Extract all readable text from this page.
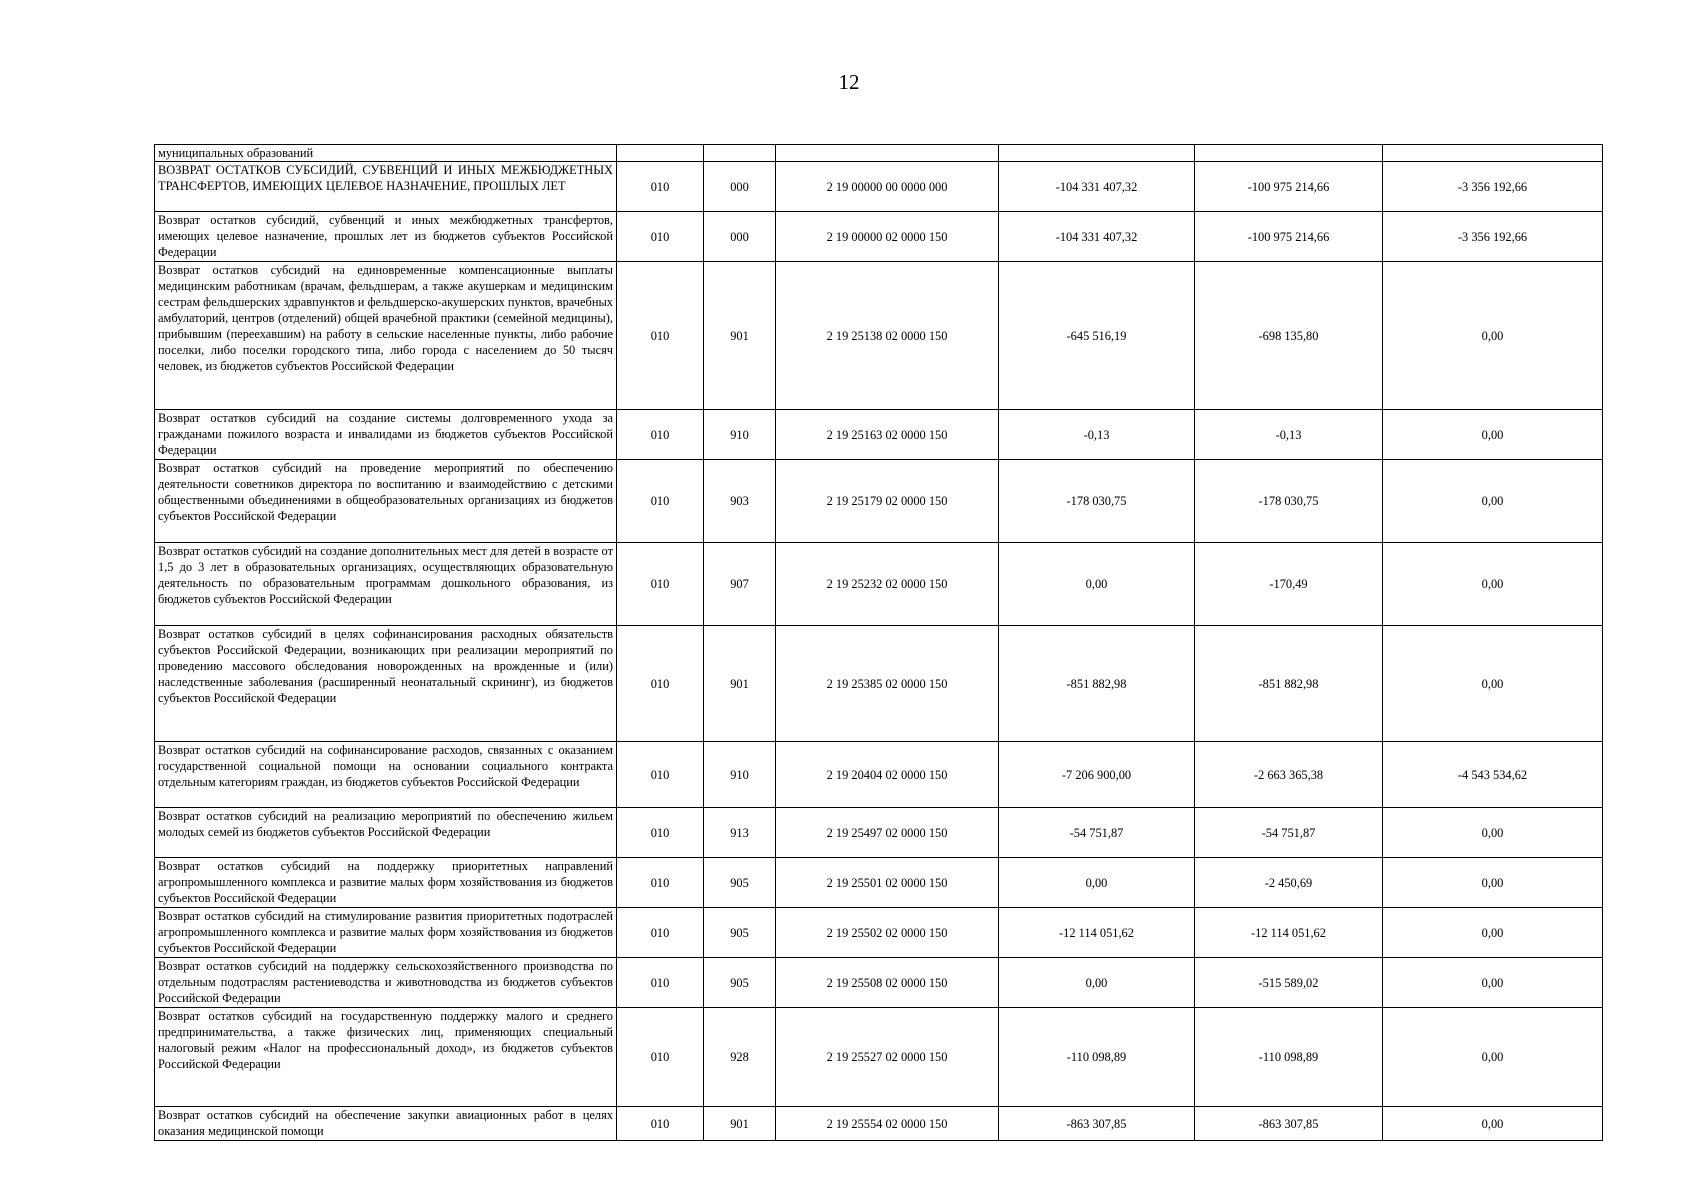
12
муниципальных образований						

ВОЗВРАТ ОСТАТКОВ СУБСИДИЙ, СУБВЕНЦИЙ И ИНЫХ МЕЖБЮДЖЕТНЫХ ТРАНСФЕРТОВ, ИМЕЮЩИХ ЦЕЛЕВОЕ НАЗНАЧЕНИЕ, ПРОШЛЫХ ЛЕТ	010	000	2 19 00000 00 0000 000	-104 331 407,32	-100 975 214,66	-3 356 192,66

Возврат остатков субсидий, субвенций и иных межбюджетных трансфертов, имеющих целевое назначение, прошлых лет из бюджетов субъектов Российской Федерации	010	000	2 19 00000 02 0000 150	-104 331 407,32	-100 975 214,66	-3 356 192,66

Возврат остатков субсидий на единовременные компенсационные выплаты медицинским работникам (врачам, фельдшерам, а также акушеркам и медицинским сестрам фельдшерских здравпунктов и фельдшерско-акушерских пунктов, врачебных амбулаторий, центров (отделений) общей врачебной практики (семейной медицины), прибывшим (переехавшим) на работу в сельские населенные пункты, либо рабочие поселки, либо поселки городского типа, либо города с населением до 50 тысяч человек, из бюджетов субъектов Российской Федерации	010	901	2 19 25138 02 0000 150	-645 516,19	-698 135,80	0,00

Возврат остатков субсидий на создание системы долговременного ухода за гражданами пожилого возраста и инвалидами из бюджетов субъектов Российской Федерации	010	910	2 19 25163 02 0000 150	-0,13	-0,13	0,00

Возврат остатков субсидий на проведение мероприятий по обеспечению деятельности советников директора по воспитанию и взаимодействию с детскими общественными объединениями в общеобразовательных организациях из бюджетов субъектов Российской Федерации	010	903	2 19 25179 02 0000 150	-178 030,75	-178 030,75	0,00

Возврат остатков субсидий на создание дополнительных мест для детей в возрасте от 1,5 до 3 лет в образовательных организациях, осуществляющих образовательную деятельность по образовательным программам дошкольного образования, из бюджетов субъектов Российской Федерации	010	907	2 19 25232 02 0000 150	0,00	-170,49	0,00

Возврат остатков субсидий в целях софинансирования расходных обязательств субъектов Российской Федерации, возникающих при реализации мероприятий по проведению массового обследования новорожденных на врожденные и (или) наследственные заболевания (расширенный неонатальный скрининг), из бюджетов субъектов Российской Федерации	010	901	2 19 25385 02 0000 150	-851 882,98	-851 882,98	0,00

Возврат остатков субсидий на софинансирование расходов, связанных с оказанием государственной социальной помощи на основании социального контракта отдельным категориям граждан, из бюджетов субъектов Российской Федерации	010	910	2 19 20404 02 0000 150	-7 206 900,00	-2 663 365,38	-4 543 534,62

Возврат остатков субсидий на реализацию мероприятий по обеспечению жильем молодых семей из бюджетов субъектов Российской Федерации	010	913	2 19 25497 02 0000 150	-54 751,87	-54 751,87	0,00

Возврат остатков субсидий на поддержку приоритетных направлений агропромышленного комплекса и развитие малых форм хозяйствования из бюджетов субъектов Российской Федерации	010	905	2 19 25501 02 0000 150	0,00	-2 450,69	0,00

Возврат остатков субсидий на стимулирование развития приоритетных подотраслей агропромышленного комплекса и развитие малых форм хозяйствования из бюджетов субъектов Российской Федерации	010	905	2 19 25502 02 0000 150	-12 114 051,62	-12 114 051,62	0,00

Возврат остатков субсидий на поддержку сельскохозяйственного производства по отдельным подотраслям растениеводства и животноводства из бюджетов субъектов Российской Федерации	010	905	2 19 25508 02 0000 150	0,00	-515 589,02	0,00

Возврат остатков субсидий на государственную поддержку малого и среднего предпринимательства, а также физических лиц, применяющих специальный налоговый режим «Налог на профессиональный доход», из бюджетов субъектов Российской Федерации	010	928	2 19 25527 02 0000 150	-110 098,89	-110 098,89	0,00

Возврат остатков субсидий на обеспечение закупки авиационных работ в целях оказания медицинской помощи	010	901	2 19 25554 02 0000 150	-863 307,85	-863 307,85	0,00
